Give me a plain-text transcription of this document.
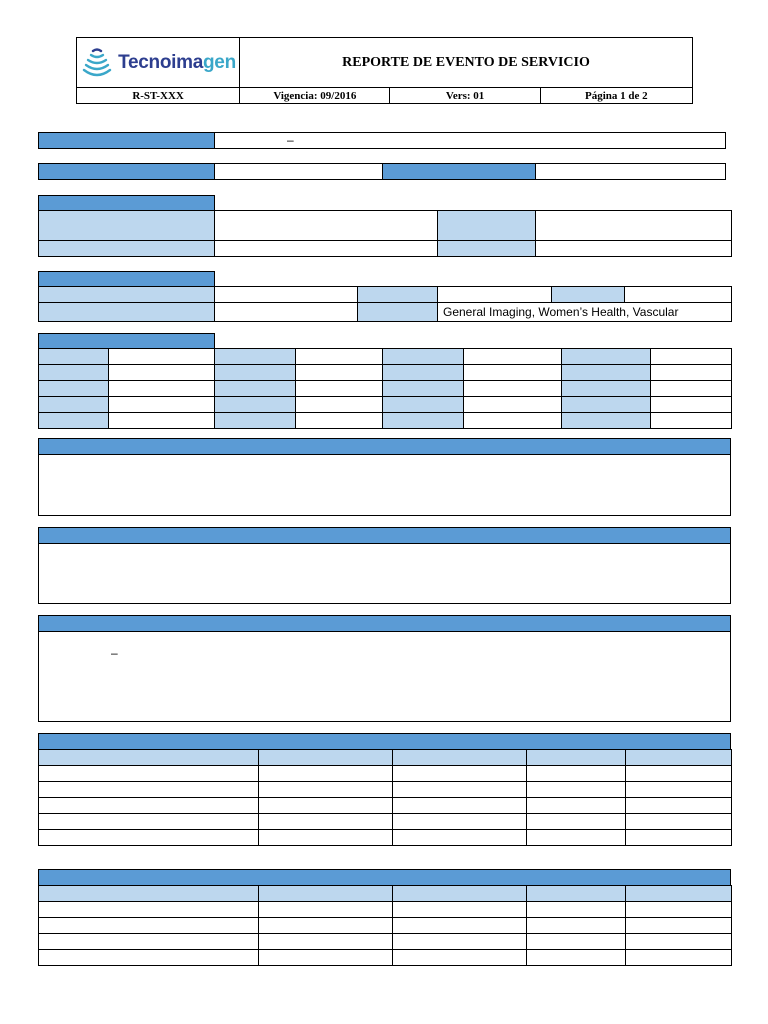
Tecnoimagen	REPORTE DE EVENTO DE SERVICIO
R-ST-XXX	Vigencia: 09/2016	Vers: 01	Página 1 de 2
–

			General Imaging, Women’s Health, Vascular		

–
